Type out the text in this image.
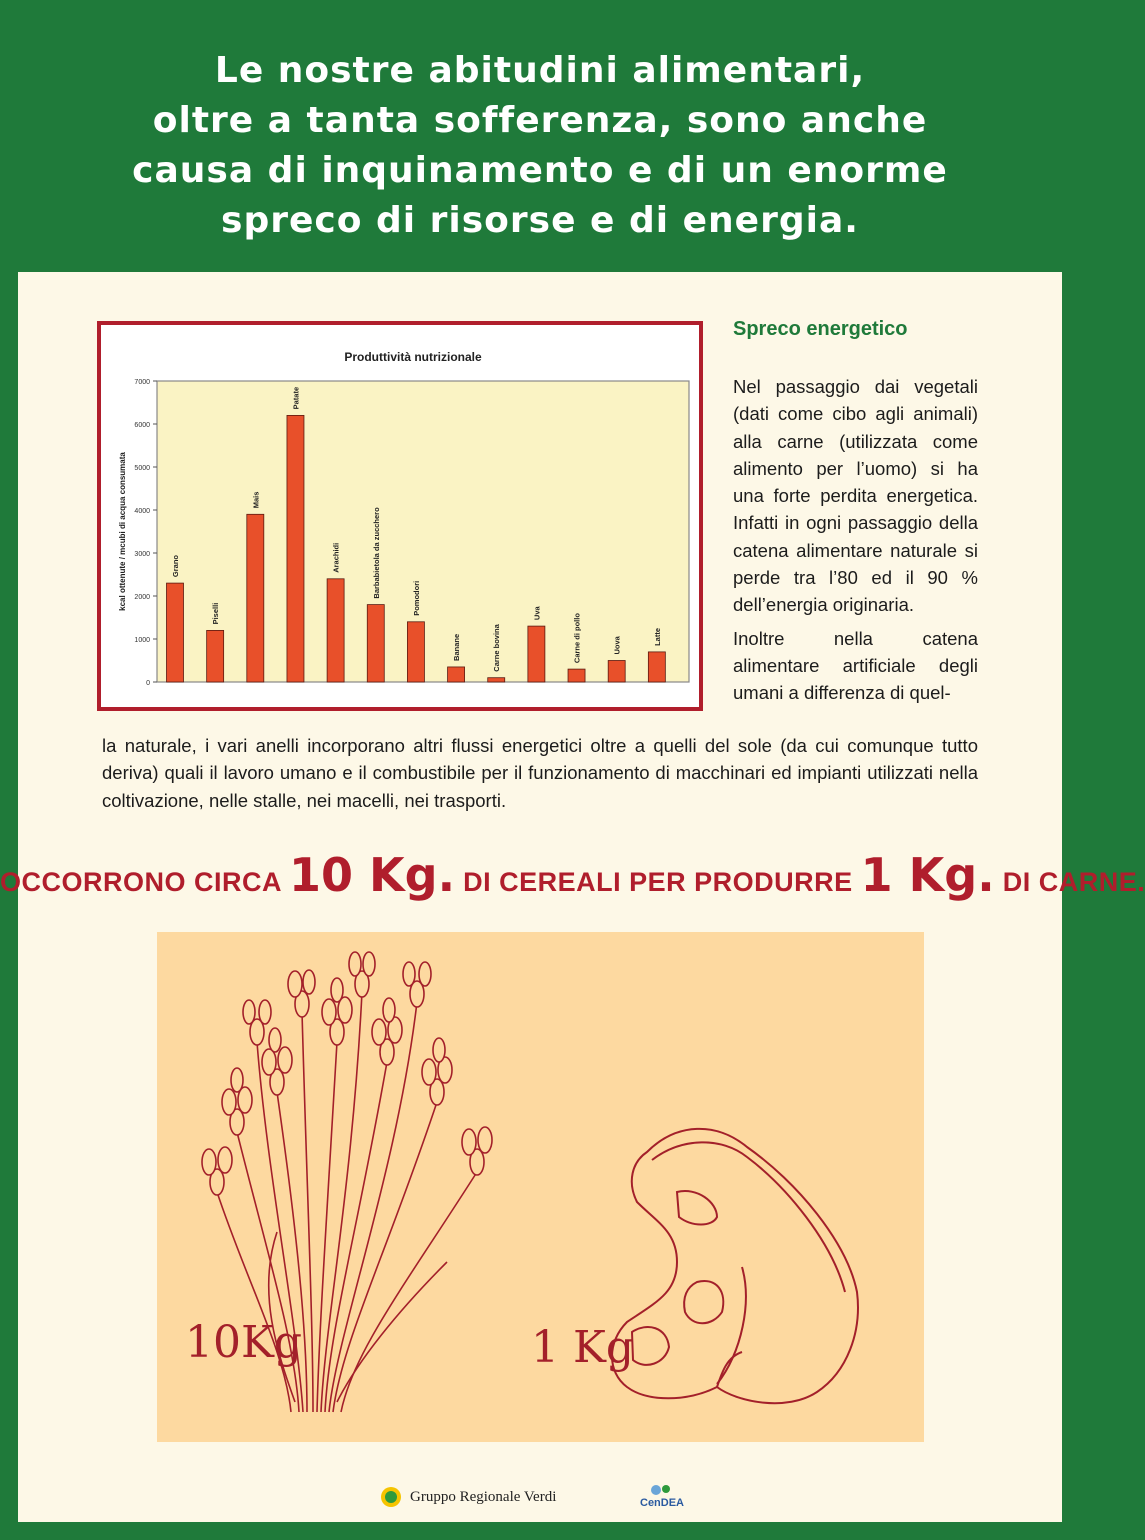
Le nostre abitudini alimentari,
oltre a tanta sofferenza, sono anche
causa di inquinamento e di un enorme
spreco di risorse e di energia.
Produttività nutrizionale
kcal ottenute / mcubi di acqua consumata
0
1000
2000
3000
4000
5000
6000
7000
Grano
Piselli
Mais
Patate
Arachidi	Barbabietola da zucchero	Pomodori
Banane	Carne bovina
Uva	Carne di pollo	Uova	Latte
Spreco energetico

Nel passaggio dai vegetali (dati come cibo agli animali) alla carne (utilizzata come alimento per l’uomo) si ha una forte perdita energetica. Infatti in ogni passaggio della catena alimentare naturale si perde tra l’80 ed il 90 % dell’energia originaria.

Inoltre nella catena alimentare artificiale degli umani a differenza di quel-

la naturale, i vari anelli incorporano altri flussi energetici oltre a quelli del sole (da cui comunque tutto deriva) quali il lavoro umano e il combustibile per il funzionamento di macchinari ed impianti utilizzati nella coltivazione, nelle stalle, nei macelli, nei trasporti.

OCCORRONO CIRCA 10 Kg. DI CEREALI PER PRODURRE 1 Kg. DI CARNE.
10Kg	1 Kg
Gruppo Regionale Verdi	CenDEA
